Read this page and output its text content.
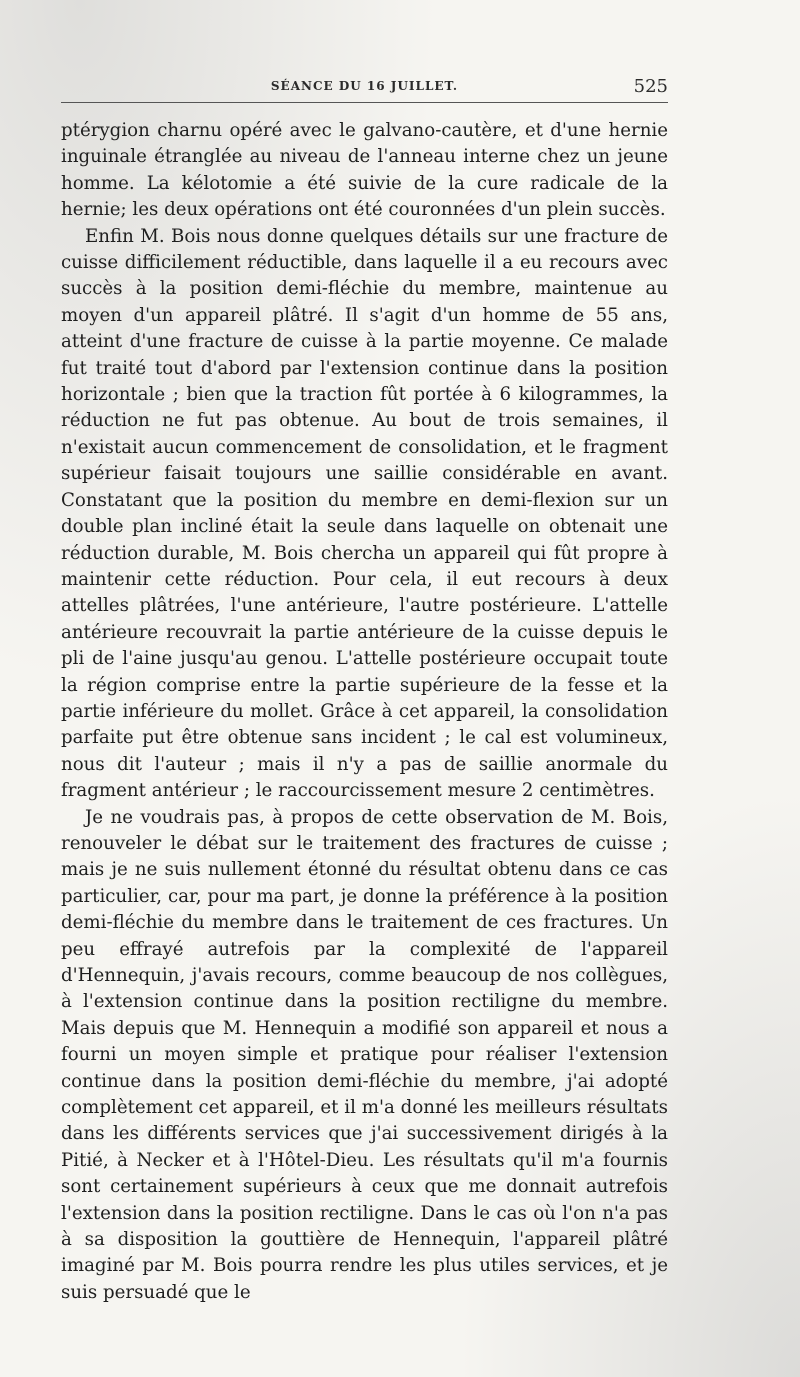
SÉANCE DU 16 JUILLET.	525

ptérygion charnu opéré avec le galvano-cautère, et d'une hernie inguinale étranglée au niveau de l'anneau interne chez un jeune homme. La kélotomie a été suivie de la cure radicale de la hernie; les deux opérations ont été couronnées d'un plein succès.

Enfin M. Bois nous donne quelques détails sur une fracture de cuisse difficilement réductible, dans laquelle il a eu recours avec succès à la position demi-fléchie du membre, maintenue au moyen d'un appareil plâtré. Il s'agit d'un homme de 55 ans, atteint d'une fracture de cuisse à la partie moyenne. Ce malade fut traité tout d'abord par l'extension continue dans la position horizontale ; bien que la traction fût portée à 6 kilogrammes, la réduction ne fut pas obtenue. Au bout de trois semaines, il n'existait aucun commencement de consolidation, et le fragment supérieur faisait toujours une saillie considérable en avant. Constatant que la position du membre en demi-flexion sur un double plan incliné était la seule dans laquelle on obtenait une réduction durable, M. Bois chercha un appareil qui fût propre à maintenir cette réduction. Pour cela, il eut recours à deux attelles plâtrées, l'une antérieure, l'autre postérieure. L'attelle antérieure recouvrait la partie antérieure de la cuisse depuis le pli de l'aine jusqu'au genou. L'attelle postérieure occupait toute la région comprise entre la partie supérieure de la fesse et la partie inférieure du mollet. Grâce à cet appareil, la consolidation parfaite put être obtenue sans incident ; le cal est volumineux, nous dit l'auteur ; mais il n'y a pas de saillie anormale du fragment antérieur ; le raccourcissement mesure 2 centimètres.

Je ne voudrais pas, à propos de cette observation de M. Bois, renouveler le débat sur le traitement des fractures de cuisse ; mais je ne suis nullement étonné du résultat obtenu dans ce cas particulier, car, pour ma part, je donne la préférence à la position demi-fléchie du membre dans le traitement de ces fractures. Un peu effrayé autrefois par la complexité de l'appareil d'Hennequin, j'avais recours, comme beaucoup de nos collègues, à l'extension continue dans la position rectiligne du membre. Mais depuis que M. Hennequin a modifié son appareil et nous a fourni un moyen simple et pratique pour réaliser l'extension continue dans la position demi-fléchie du membre, j'ai adopté complètement cet appareil, et il m'a donné les meilleurs résultats dans les différents services que j'ai successivement dirigés à la Pitié, à Necker et à l'Hôtel-Dieu. Les résultats qu'il m'a fournis sont certainement supérieurs à ceux que me donnait autrefois l'extension dans la position rectiligne. Dans le cas où l'on n'a pas à sa disposition la gouttière de Hennequin, l'appareil plâtré imaginé par M. Bois pourra rendre les plus utiles services, et je suis persuadé que le
